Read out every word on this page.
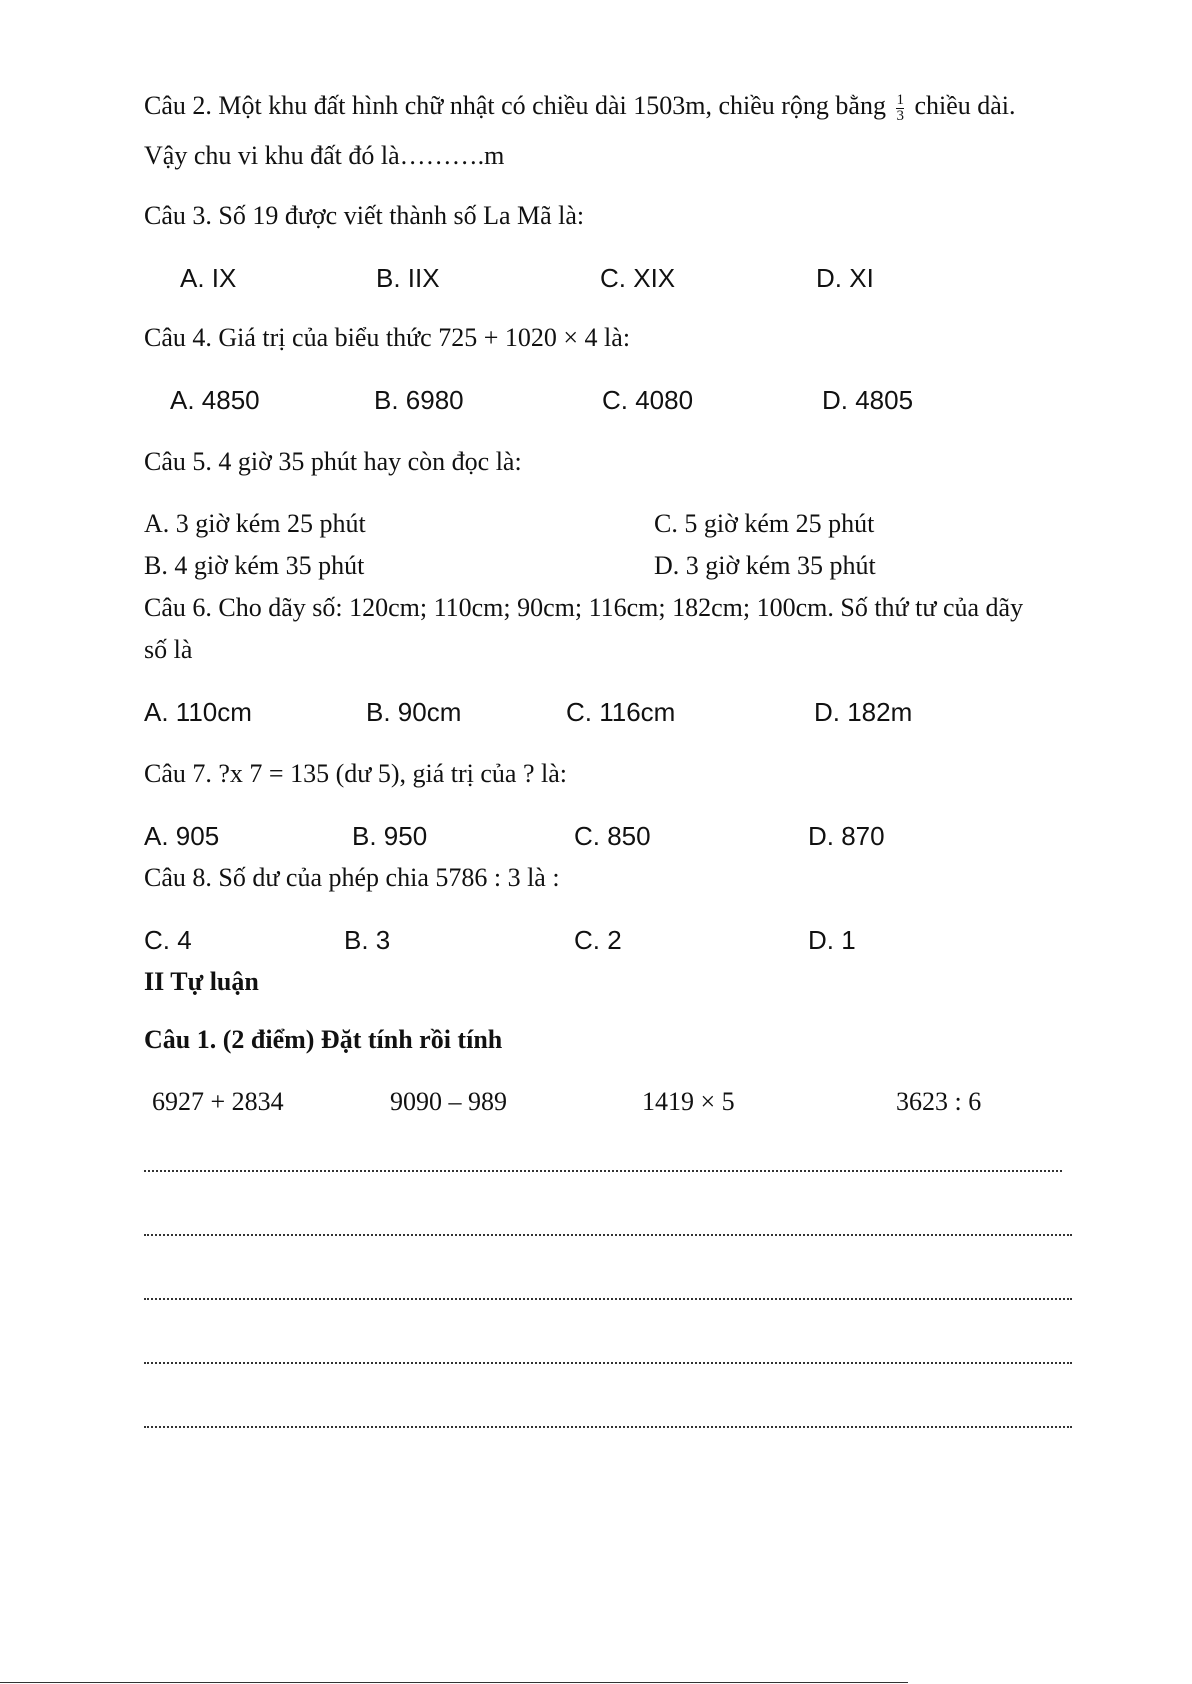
Câu 2. Một khu đất hình chữ nhật có chiều dài 1503m, chiều rộng bằng $\frac{1}{3}$ chiều dài.
Vậy chu vi khu đất đó là……….m
Câu 3. Số 19 được viết thành số La Mã là:
A. IX	B. IIX	C. XIX	D. XI
Câu 4. Giá trị của biểu thức 725 + 1020 × 4 là:
A. 4850	B. 6980	C. 4080	D. 4805
Câu 5. 4 giờ 35 phút hay còn đọc là:
A. 3 giờ kém 25 phút	C. 5 giờ kém 25 phút
B. 4 giờ kém 35 phút	D. 3 giờ kém 35 phút
Câu 6. Cho dãy số: 120cm; 110cm; 90cm; 116cm; 182cm; 100cm. Số thứ tư của dãy
số là
A. 110cm	B. 90cm	C. 116cm	D. 182m
Câu 7. ?x 7 = 135 (dư 5), giá trị của ? là:
A. 905	B. 950	C. 850	D. 870
Câu 8. Số dư của phép chia 5786 : 3 là :
C. 4	B. 3	C. 2	D. 1
II Tự luận
Câu 1. (2 điểm) Đặt tính rồi tính
6927 + 2834	9090 – 989	1419 × 5	3623 : 6
